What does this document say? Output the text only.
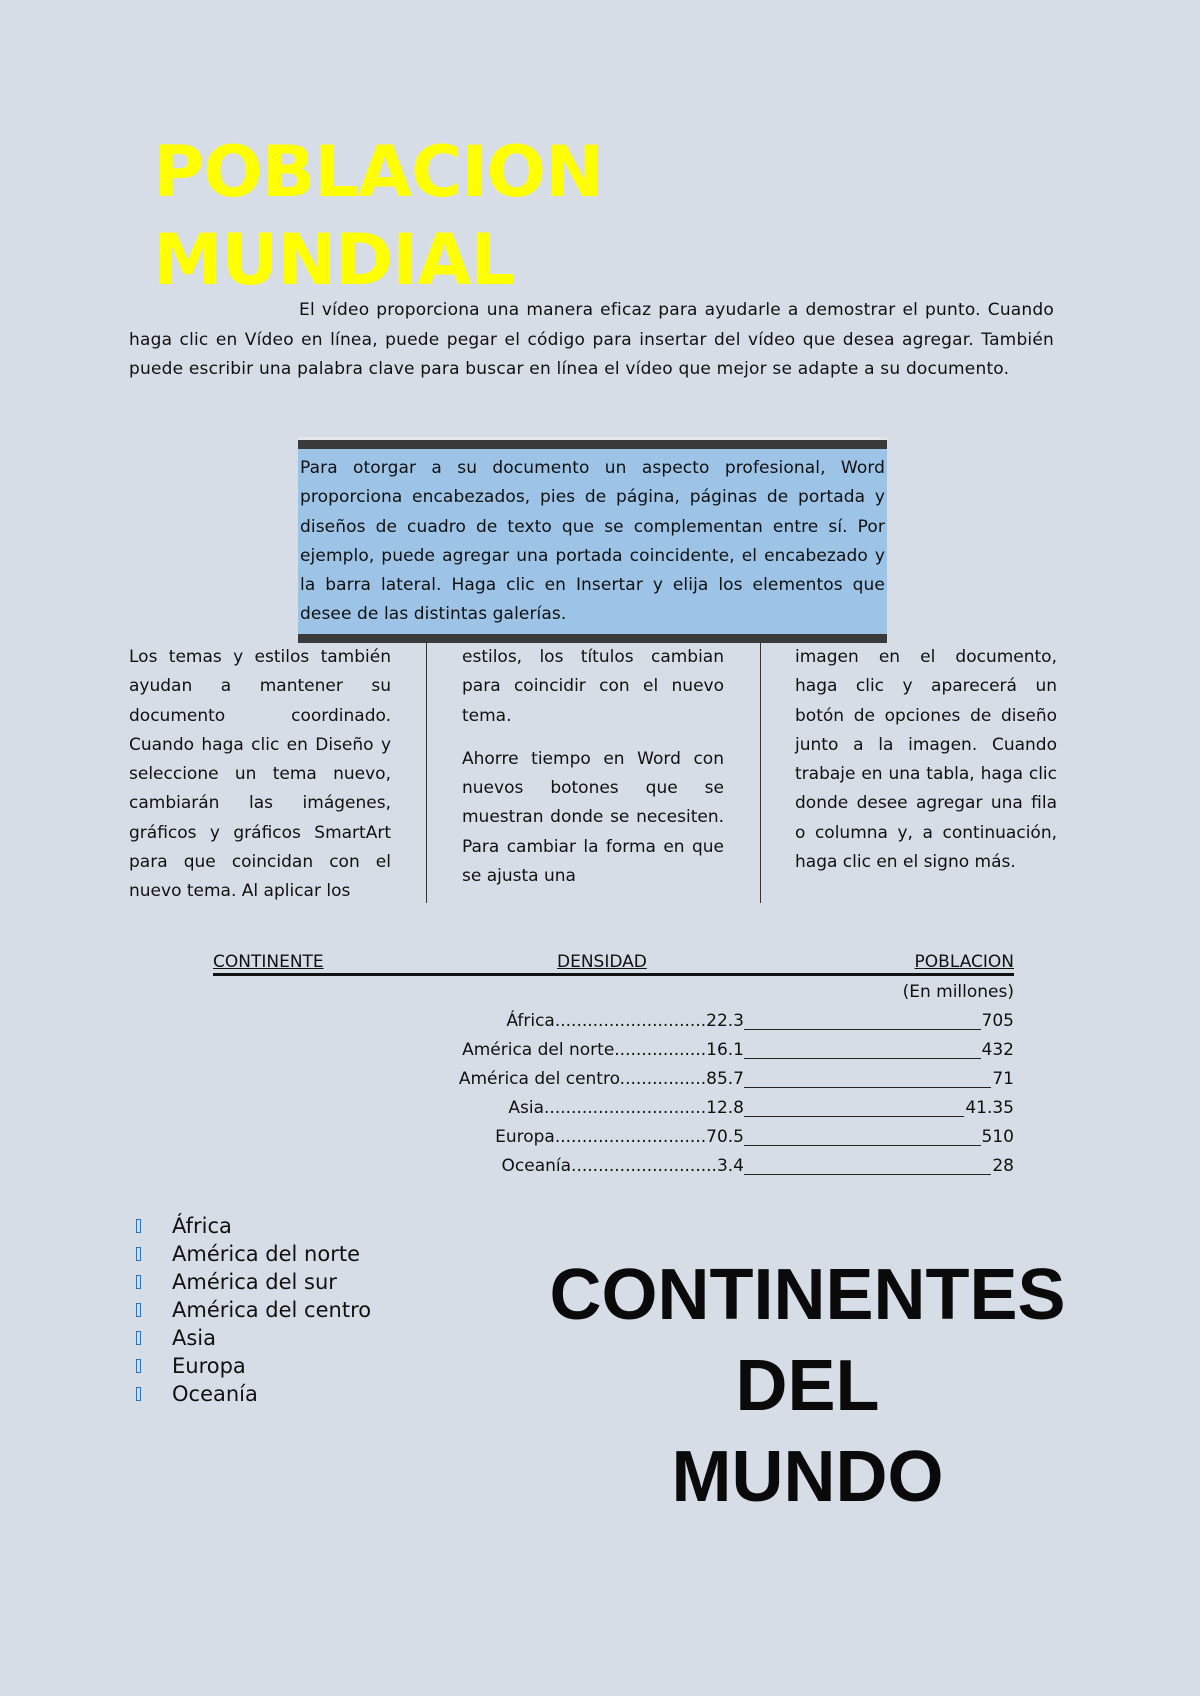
POBLACION MUNDIAL

El vídeo proporciona una manera eficaz para ayudarle a demostrar el punto. Cuando haga clic en Vídeo en línea, puede pegar el código para insertar del vídeo que desea agregar. También puede escribir una palabra clave para buscar en línea el vídeo que mejor se adapte a su documento.

Para otorgar a su documento un aspecto profesional, Word proporciona encabezados, pies de página, páginas de portada y diseños de cuadro de texto que se complementan entre sí. Por ejemplo, puede agregar una portada coincidente, el encabezado y la barra lateral. Haga clic en Insertar y elija los elementos que desee de las distintas galerías.

Los temas y estilos también ayudan a mantener su documento coordinado. Cuando haga clic en Diseño y seleccione un tema nuevo, cambiarán las imágenes, gráficos y gráficos SmartArt para que coincidan con el nuevo tema. Al aplicar los

estilos, los títulos cambian para coincidir con el nuevo tema.

Ahorre tiempo en Word con nuevos botones que se muestran donde se necesiten. Para cambiar la forma en que se ajusta una

imagen en el documento, haga clic y aparecerá un botón de opciones de diseño junto a la imagen. Cuando trabaje en una tabla, haga clic donde desee agregar una fila o columna y, a continuación, haga clic en el signo más.

CONTINENTE	DENSIDAD	POBLACION
(En millones)
África............................22.3	705
América del norte.................16.1	432
América del centro................85.7	71
Asia..............................12.8	41.35
Europa............................70.5	510
Oceanía...........................3.4	28
África
América del norte
América del sur
América del centro
Asia
Europa
Oceanía
CONTINENTES
DEL
MUNDO
